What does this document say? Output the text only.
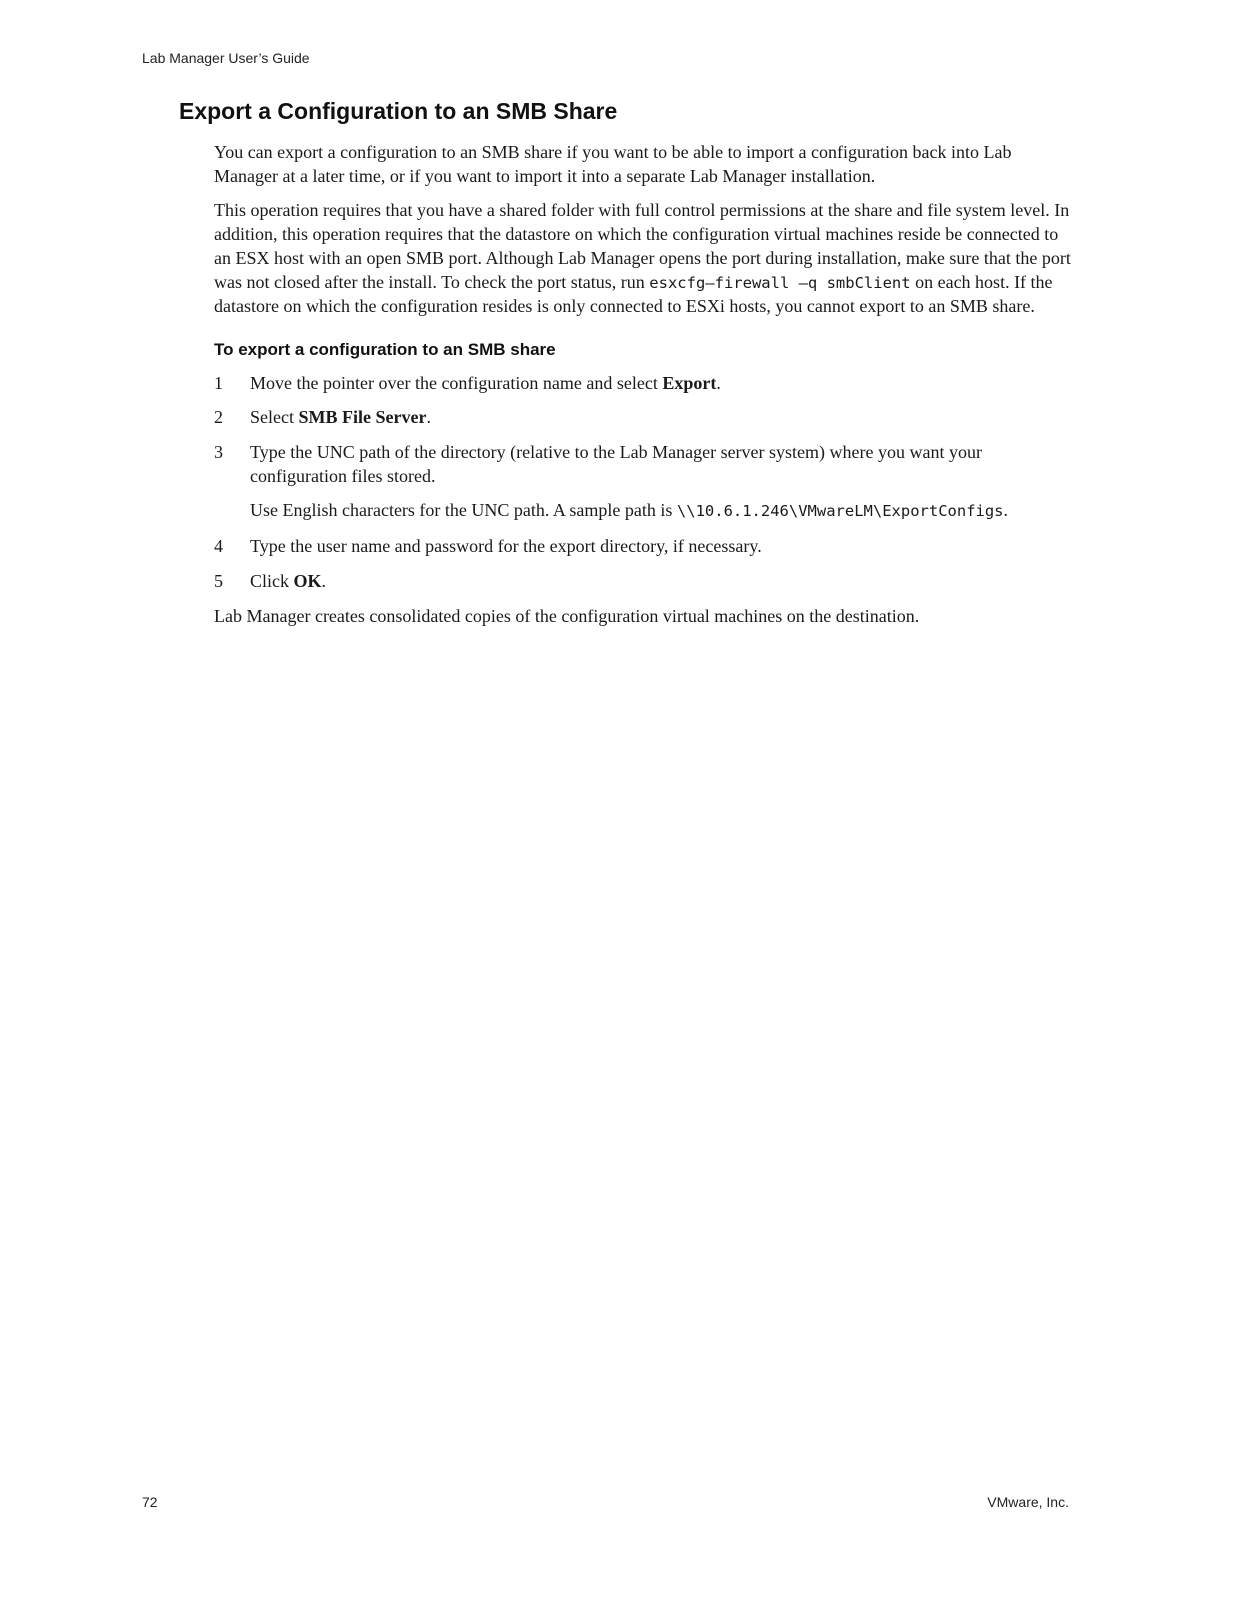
Lab Manager User’s Guide
Export a Configuration to an SMB Share

You can export a configuration to an SMB share if you want to be able to import a configuration back into Lab Manager at a later time, or if you want to import it into a separate Lab Manager installation.

This operation requires that you have a shared folder with full control permissions at the share and file system level. In addition, this operation requires that the datastore on which the configuration virtual machines reside be connected to an ESX host with an open SMB port. Although Lab Manager opens the port during installation, make sure that the port was not closed after the install. To check the port status, run esxcfg–firewall –q smbClient on each host. If the datastore on which the configuration resides is only connected to ESXi hosts, you cannot export to an SMB share.

To export a configuration to an SMB share
1 Move the pointer over the configuration name and select Export.
2 Select SMB File Server.
3 Type the UNC path of the directory (relative to the Lab Manager server system) where you want your configuration files stored.
Use English characters for the UNC path. A sample path is \\10.6.1.246\VMwareLM\ExportConfigs.
4 Type the user name and password for the export directory, if necessary.
5 Click OK.

Lab Manager creates consolidated copies of the configuration virtual machines on the destination.

72	VMware, Inc.
